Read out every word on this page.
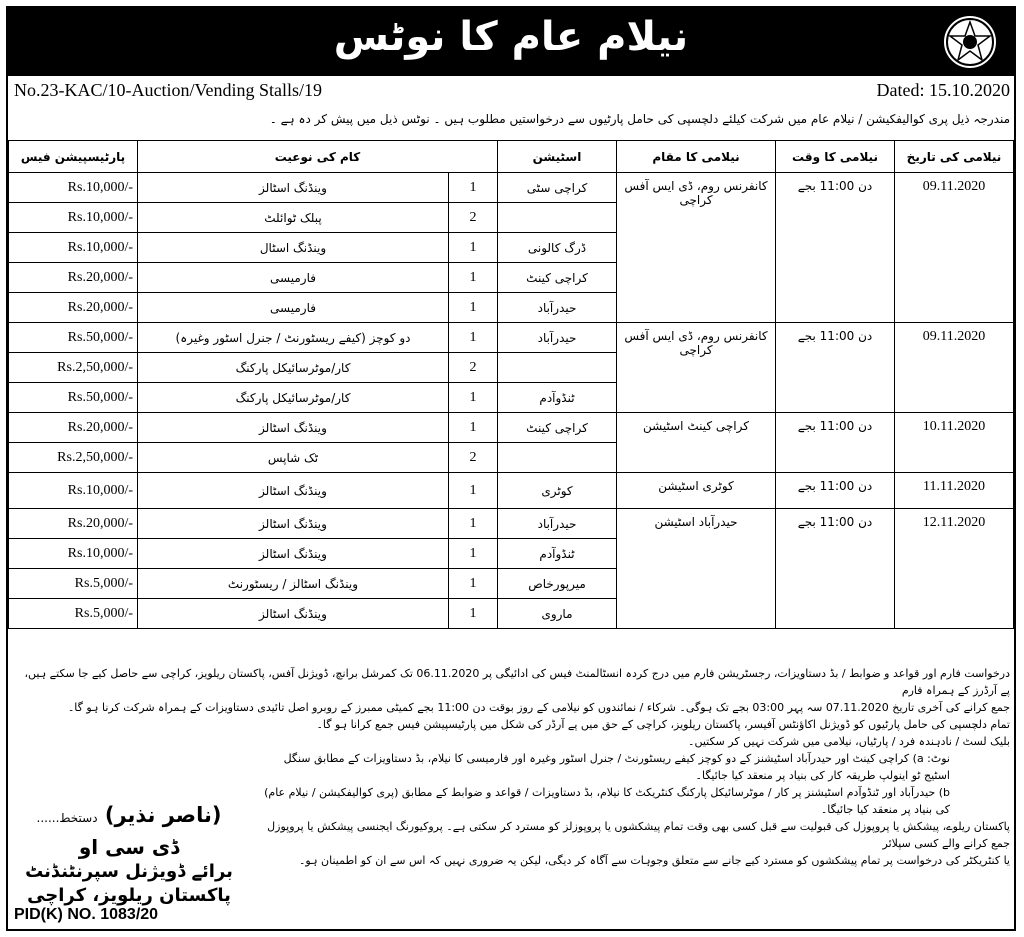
نیلام عام کا نوٹس
No.23-KAC/10-Auction/Vending Stalls/19	Dated: 15.10.2020
مندرجہ ذیل پری کوالیفکیشن / نیلام عام میں شرکت کیلئے دلچسپی کی حامل پارٹیوں سے درخواستیں مطلوب ہیں ۔ نوٹس ذیل میں پیش کر دہ ہے ۔
پارٹیسپیشن فیس	کام کی نوعیت		اسٹیشن	نیلامی کا مقام	نیلامی کا وقت	نیلامی کی تاریخ
Rs.10,000/-	وینڈنگ اسٹالز	1	کراچی سٹی	کانفرنس روم، ڈی ایس آفس کراچی	دن 11:00 بجے	09.11.2020
Rs.10,000/-	پبلک ٹوائلٹ	2				
Rs.10,000/-	وینڈنگ اسٹال	1	ڈرگ کالونی			
Rs.20,000/-	فارمیسی	1	کراچی کینٹ			
Rs.20,000/-	فارمیسی	1	حیدرآباد			
Rs.50,000/-	دو کوچز (کیفے ریسٹورنٹ / جنرل اسٹور وغیرہ)	1	حیدرآباد	کانفرنس روم، ڈی ایس آفس کراچی	دن 11:00 بجے	09.11.2020
Rs.2,50,000/-	کار/موٹرسائیکل پارکنگ	2				
Rs.50,000/-	کار/موٹرسائیکل پارکنگ	1	ٹنڈوآدم			
Rs.20,000/-	وینڈنگ اسٹالز	1	کراچی کینٹ	کراچی کینٹ اسٹیشن	دن 11:00 بجے	10.11.2020
Rs.2,50,000/-	ٹک شاپس	2				
Rs.10,000/-	وینڈنگ اسٹالز	1	کوٹری	کوٹری اسٹیشن	دن 11:00 بجے	11.11.2020
Rs.20,000/-	وینڈنگ اسٹالز	1	حیدرآباد	حیدرآباد اسٹیشن	دن 11:00 بجے	12.11.2020
Rs.10,000/-	وینڈنگ اسٹالز	1	ٹنڈوآدم			
Rs.5,000/-	وینڈنگ اسٹالز / ریسٹورنٹ	1	میرپورخاص			
Rs.5,000/-	وینڈنگ اسٹالز	1	ماروی			

درخواست فارم اور قواعد و ضوابط / بڈ دستاویزات، رجسٹریشن فارم میں درج کردہ انسٹالمنٹ فیس کی ادائیگی پر 06.11.2020 تک کمرشل برانچ، ڈویژنل آفس، پاکستان ریلویز، کراچی سے حاصل کیے جا سکتے ہیں، پے آرڈرز کے ہمراہ فارم

جمع کرانے کی آخری تاریخ 07.11.2020 سہ پہر 03:00 بجے تک ہوگی۔ شرکاء / نمائندوں کو نیلامی کے روز بوقت دن 11:00 بجے کمیٹی ممبرز کے روبرو اصل تائیدی دستاویزات کے ہمراہ شرکت کرنا ہو گا۔

تمام دلچسپی کی حامل پارٹیوں کو ڈویژنل اکاؤنٹس آفیسر، پاکستان ریلویز، کراچی کے حق میں پے آرڈر کی شکل میں پارٹیسپیشن فیس جمع کرانا ہو گا۔

بلیک لسٹ / نادہندہ فرد / پارٹیاں، نیلامی میں شرکت نہیں کر سکتیں۔

نوٹ: a) کراچی کینٹ اور حیدرآباد اسٹیشنز کے دو کوچز کیفے ریسٹورنٹ / جنرل اسٹور وغیرہ اور فارمیسی کا نیلام، بڈ دستاویزات کے مطابق سنگل اسٹیج ٹو اینولپ طریقہ کار کی بنیاد پر منعقد کیا جائیگا۔

b) حیدرآباد اور ٹنڈوآدم اسٹیشنز پر کار / موٹرسائیکل پارکنگ کنٹریکٹ کا نیلام، بڈ دستاویزات / قواعد و ضوابط کے مطابق (پری کوالیفکیشن / نیلام عام) کی بنیاد پر منعقد کیا جائیگا۔

پاکستان ریلوے، پیشکش یا پروپوزل کی قبولیت سے قبل کسی بھی وقت تمام پیشکشوں یا پروپوزلز کو مسترد کر سکتی ہے۔ پروکیورنگ ایجنسی پیشکش یا پروپوزل جمع کرانے والے کسی سپلائر

یا کنٹریکٹر کی درخواست پر تمام پیشکشوں کو مسترد کیے جانے سے متعلق وجوہات سے آگاہ کر دیگی، لیکن یہ ضروری نہیں کہ اس سے ان کو اطمینان ہو۔

(ناصر نذیر) دستخط......
ڈی سی او
برائے ڈویژنل سپرنٹنڈنٹ
پاکستان ریلویز، کراچی
PID(K) NO. 1083/20
